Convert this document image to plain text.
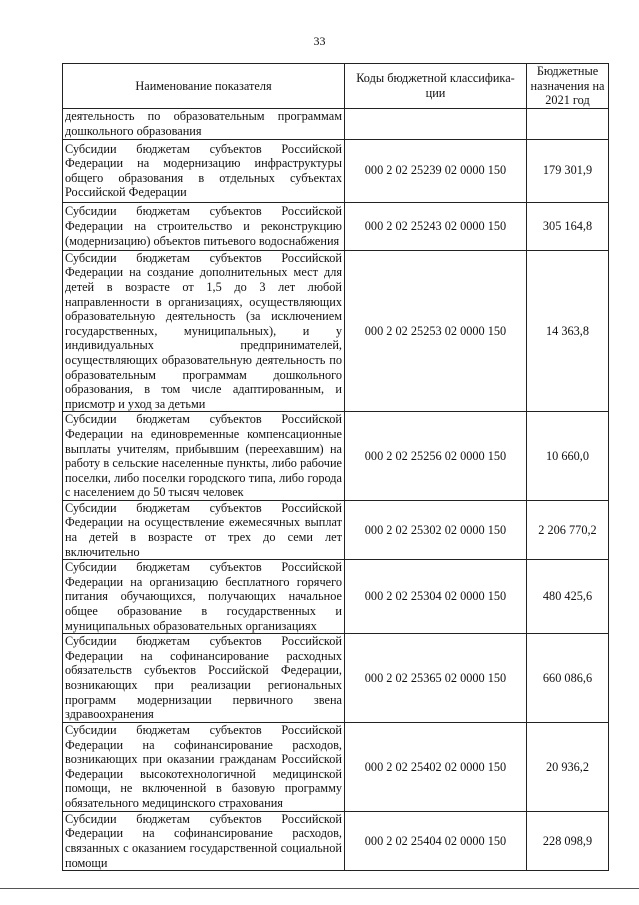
33
Наименование показателя	Коды бюджетной классифика-ции	Бюджетные назначения на 2021 год
деятельность по образовательным программам дошкольного образования		
Субсидии бюджетам субъектов Российской Федерации на модернизацию инфраструктуры общего образования в отдельных субъектах Российской Федерации	000 2 02 25239 02 0000 150	179 301,9
Субсидии бюджетам субъектов Российской Федерации на строительство и реконструкцию (модернизацию) объектов питьевого водоснабжения	000 2 02 25243 02 0000 150	305 164,8
Субсидии бюджетам субъектов Российской Федерации на создание дополнительных мест для детей в возрасте от 1,5 до 3 лет любой направленности в организациях, осуществляющих образовательную деятельность (за исключением государственных, муниципальных), и у индивидуальных предпринимателей, осуществляющих образовательную деятельность по образовательным программам дошкольного образования, в том числе адаптированным, и присмотр и уход за детьми	000 2 02 25253 02 0000 150	14 363,8
Субсидии бюджетам субъектов Российской Федерации на единовременные компенсационные выплаты учителям, прибывшим (переехавшим) на работу в сельские населенные пункты, либо рабочие поселки, либо поселки городского типа, либо города с населением до 50 тысяч человек	000 2 02 25256 02 0000 150	10 660,0
Субсидии бюджетам субъектов Российской Федерации на осуществление ежемесячных выплат на детей в возрасте от трех до семи лет включительно	000 2 02 25302 02 0000 150	2 206 770,2
Субсидии бюджетам субъектов Российской Федерации на организацию бесплатного горячего питания обучающихся, получающих начальное общее образование в государственных и муниципальных образовательных организациях	000 2 02 25304 02 0000 150	480 425,6
Субсидии бюджетам субъектов Российской Федерации на софинансирование расходных обязательств субъектов Российской Федерации, возникающих при реализации региональных программ модернизации первичного звена здравоохранения	000 2 02 25365 02 0000 150	660 086,6
Субсидии бюджетам субъектов Российской Федерации на софинансирование расходов, возникающих при оказании гражданам Российской Федерации высокотехнологичной медицинской помощи, не включенной в базовую программу обязательного медицинского страхования	000 2 02 25402 02 0000 150	20 936,2
Субсидии бюджетам субъектов Российской Федерации на софинансирование расходов, связанных с оказанием государственной социальной помощи	000 2 02 25404 02 0000 150	228 098,9
